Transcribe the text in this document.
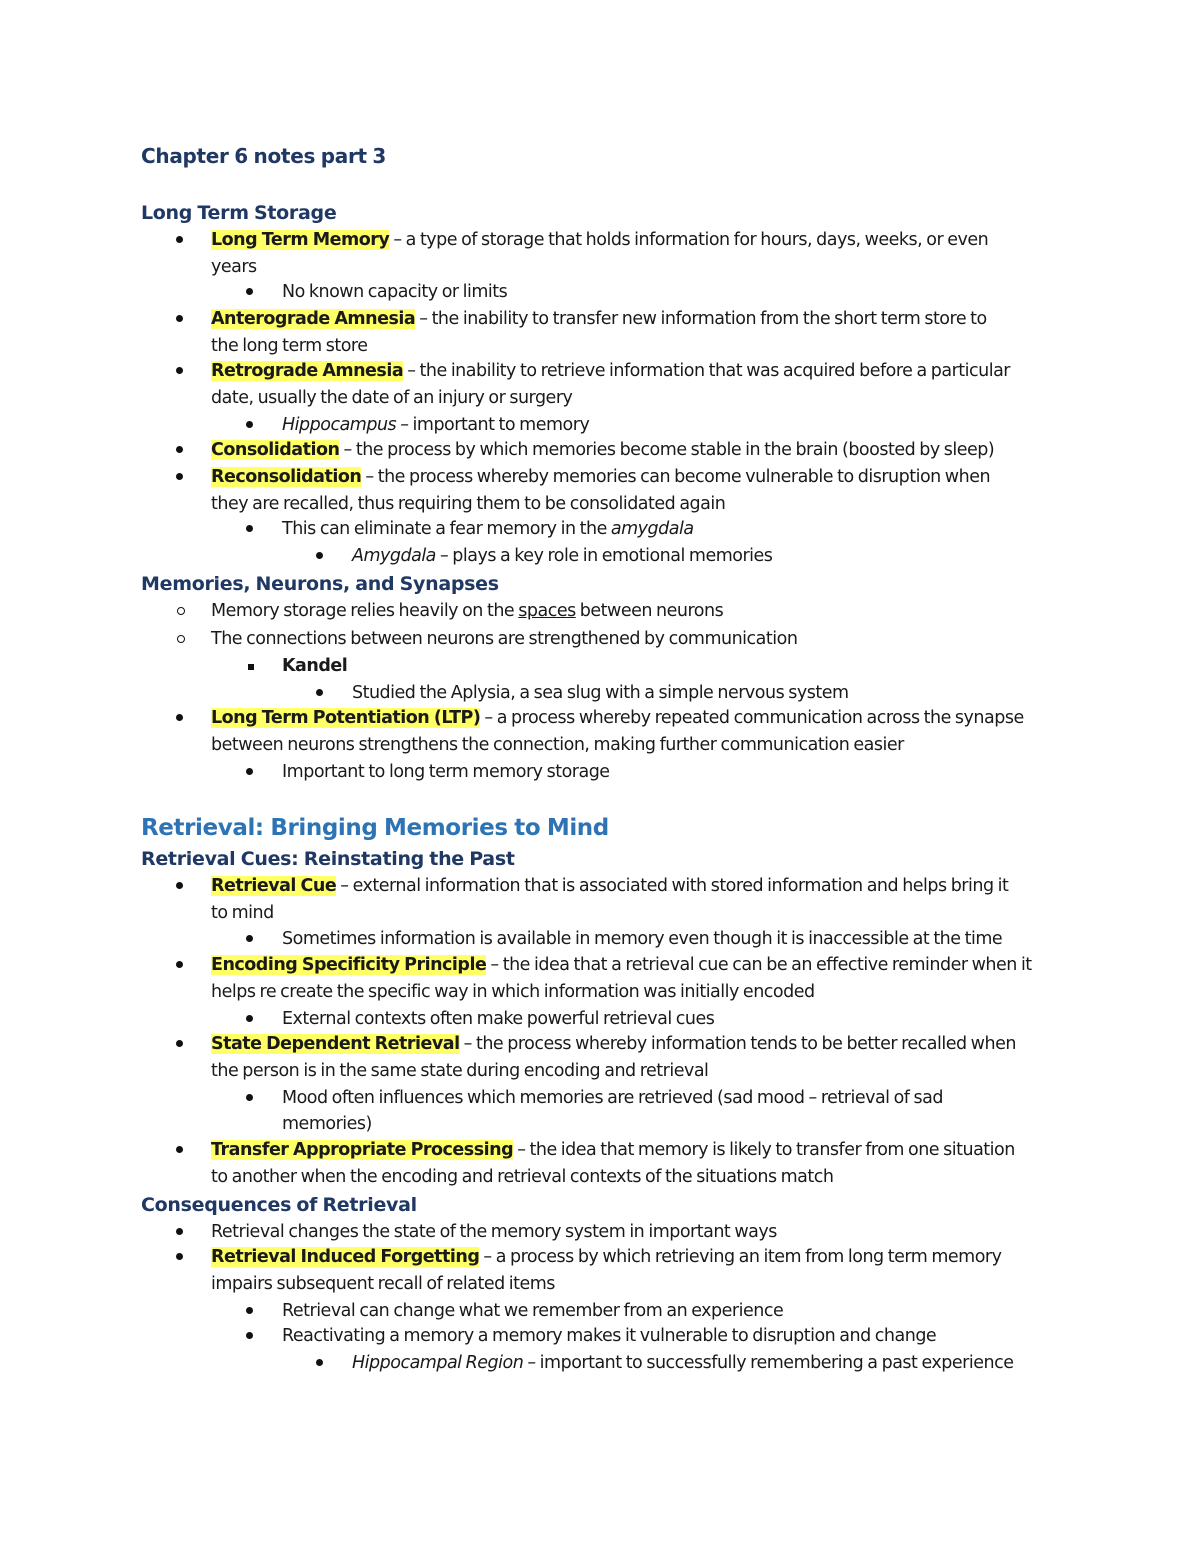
Chapter 6 notes part 3
Long Term Storage
Long Term Memory – a type of storage that holds information for hours, days, weeks, or even
years
No known capacity or limits
Anterograde Amnesia – the inability to transfer new information from the short term store to
the long term store
Retrograde Amnesia – the inability to retrieve information that was acquired before a particular
date, usually the date of an injury or surgery
Hippocampus – important to memory
Consolidation – the process by which memories become stable in the brain (boosted by sleep)
Reconsolidation – the process whereby memories can become vulnerable to disruption when
they are recalled, thus requiring them to be consolidated again
This can eliminate a fear memory in the amygdala
Amygdala – plays a key role in emotional memories
Memories, Neurons, and Synapses
Memory storage relies heavily on the spaces between neurons
The connections between neurons are strengthened by communication
Kandel
Studied the Aplysia, a sea slug with a simple nervous system
Long Term Potentiation (LTP) – a process whereby repeated communication across the synapse
between neurons strengthens the connection, making further communication easier
Important to long term memory storage
Retrieval: Bringing Memories to Mind
Retrieval Cues: Reinstating the Past
Retrieval Cue – external information that is associated with stored information and helps bring it
to mind
Sometimes information is available in memory even though it is inaccessible at the time
Encoding Specificity Principle – the idea that a retrieval cue can be an effective reminder when it
helps re create the specific way in which information was initially encoded
External contexts often make powerful retrieval cues
State Dependent Retrieval – the process whereby information tends to be better recalled when
the person is in the same state during encoding and retrieval
Mood often influences which memories are retrieved (sad mood – retrieval of sad
memories)
Transfer Appropriate Processing – the idea that memory is likely to transfer from one situation
to another when the encoding and retrieval contexts of the situations match
Consequences of Retrieval
Retrieval changes the state of the memory system in important ways
Retrieval Induced Forgetting – a process by which retrieving an item from long term memory
impairs subsequent recall of related items
Retrieval can change what we remember from an experience
Reactivating a memory a memory makes it vulnerable to disruption and change
Hippocampal Region – important to successfully remembering a past experience
